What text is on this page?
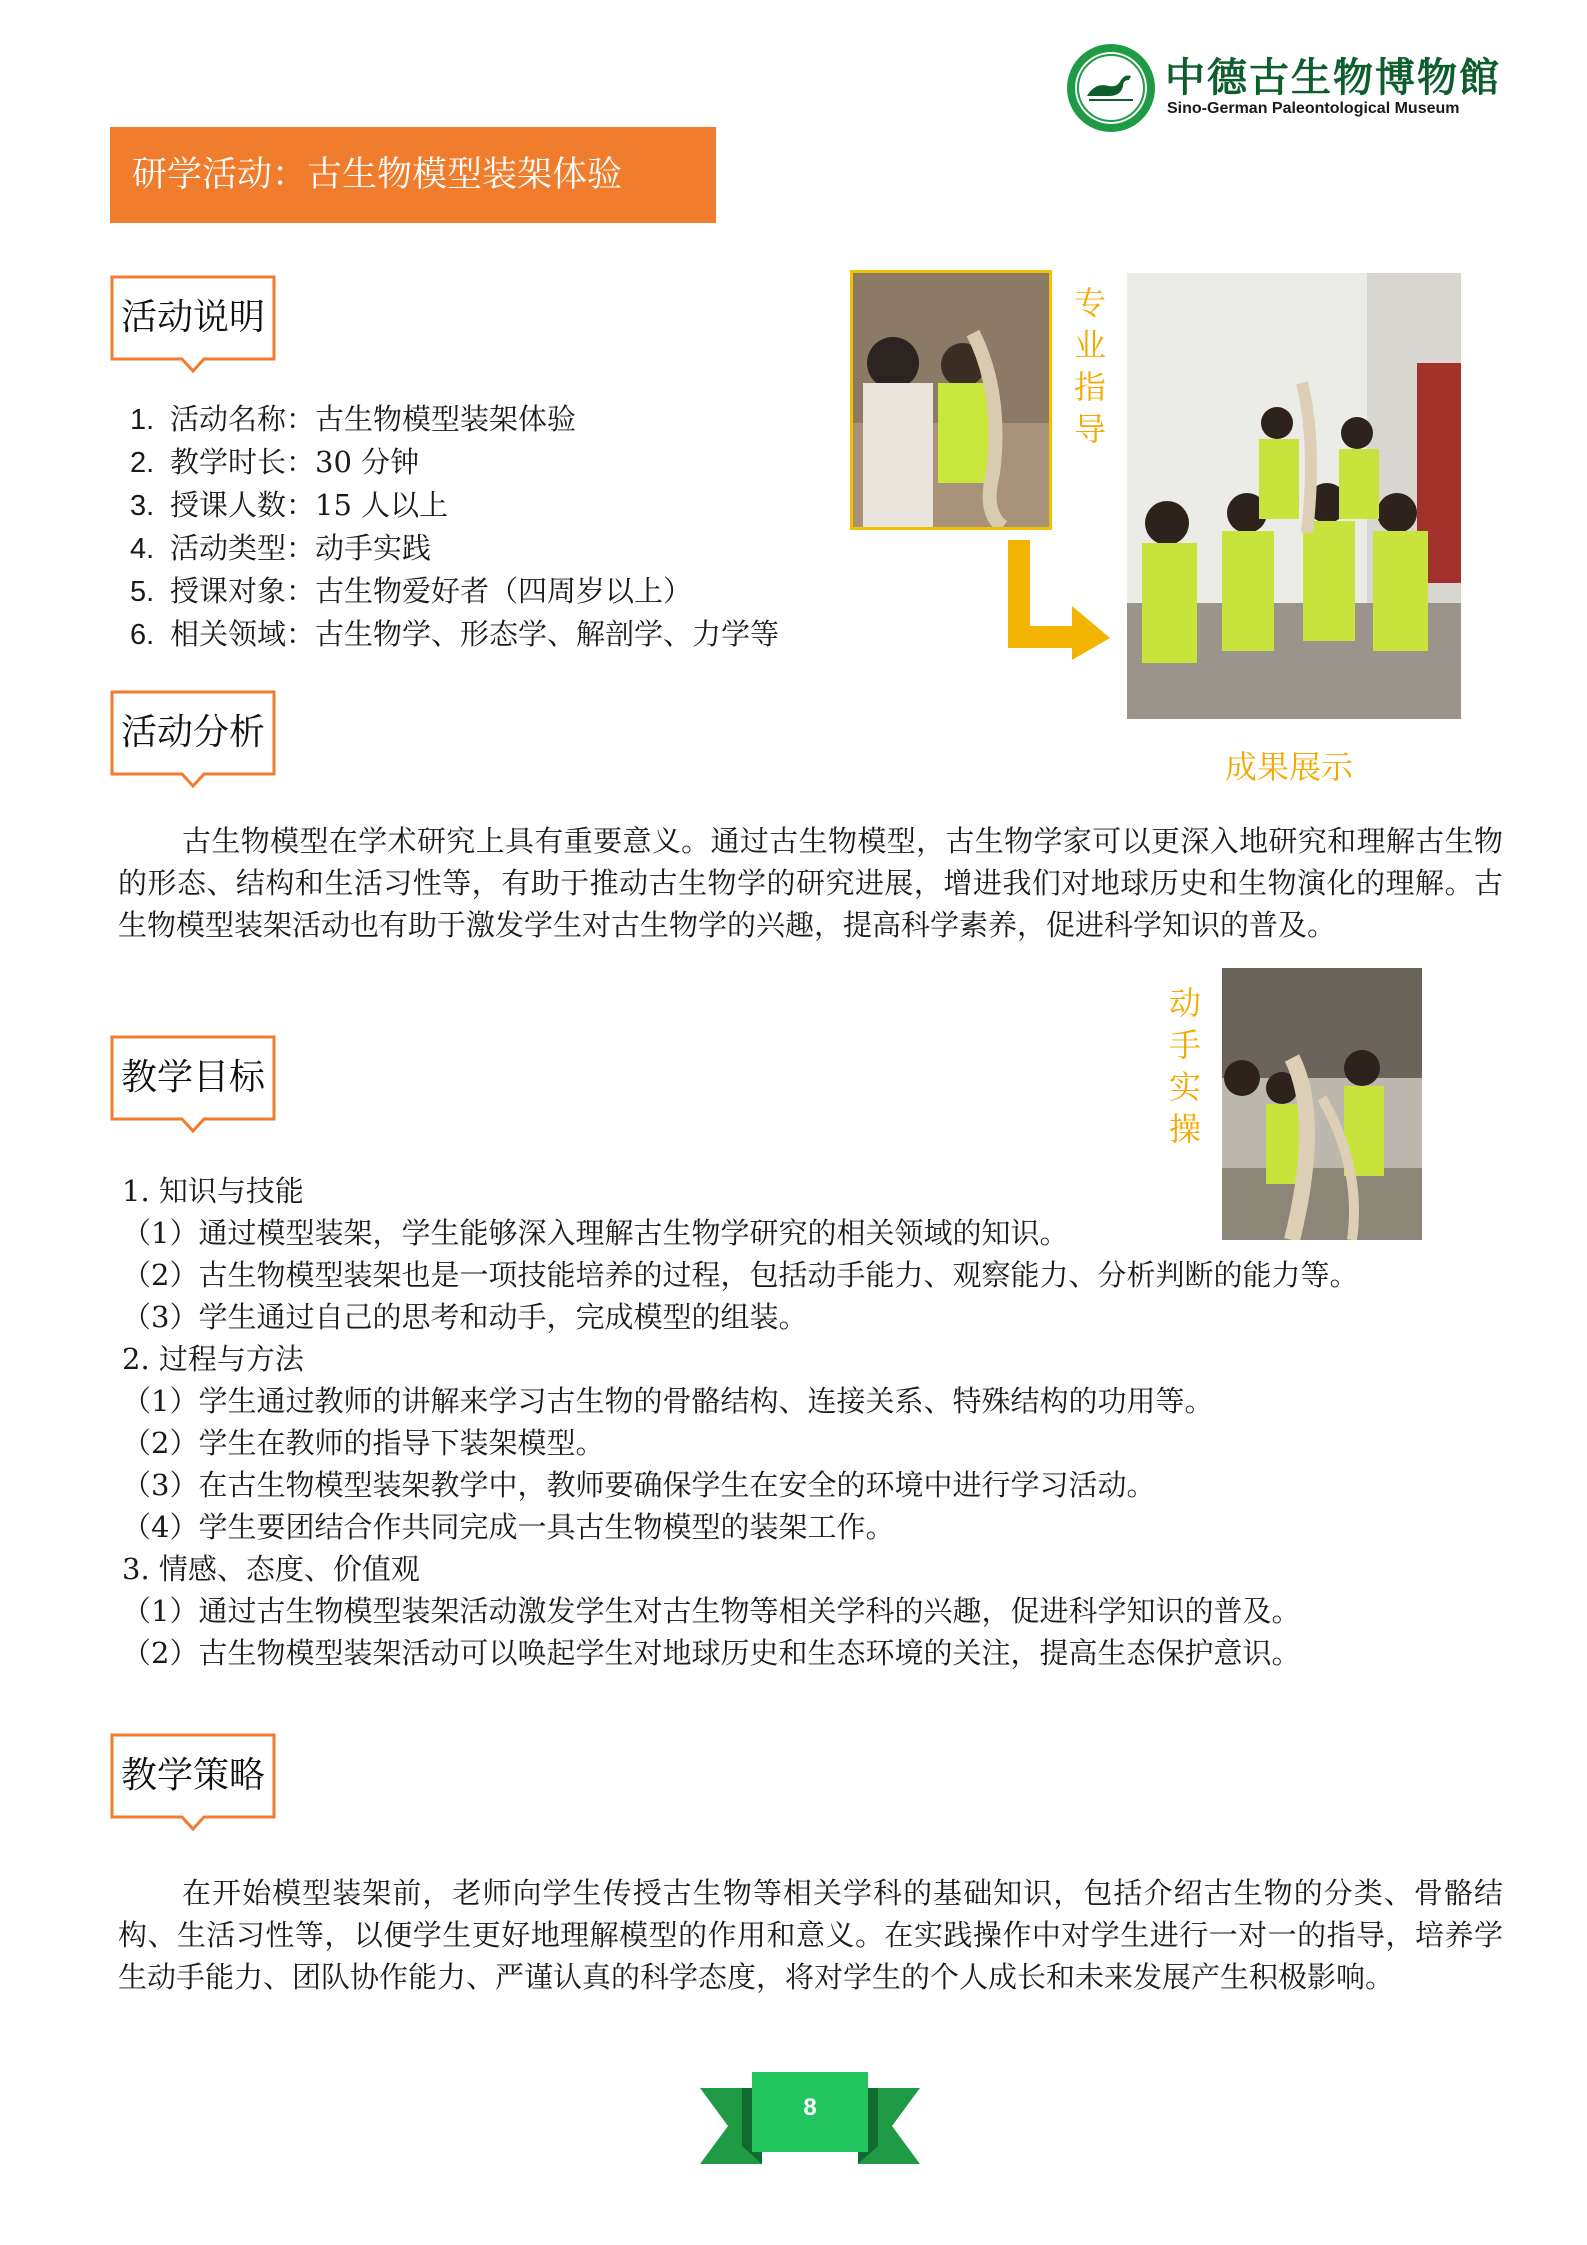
中德古生物博物館
Sino-German Paleontological Museum
研学活动：古生物模型装架体验
活动说明
1. 活动名称：古生物模型装架体验
2. 教学时长：30 分钟
3. 授课人数：15 人以上
4. 活动类型：动手实践
5. 授课对象：古生物爱好者（四周岁以上）
6. 相关领域：古生物学、形态学、解剖学、力学等
专业指导
成果展示
活动分析
古生物模型在学术研究上具有重要意义。通过古生物模型，古生物学家可以更深入地研究和理解古生物的形态、结构和生活习性等，有助于推动古生物学的研究进展，增进我们对地球历史和生物演化的理解。古生物模型装架活动也有助于激发学生对古生物学的兴趣，提高科学素养，促进科学知识的普及。
动手实操
教学目标
1. 知识与技能
（1）通过模型装架，学生能够深入理解古生物学研究的相关领域的知识。
（2）古生物模型装架也是一项技能培养的过程，包括动手能力、观察能力、分析判断的能力等。
（3）学生通过自己的思考和动手，完成模型的组装。
2. 过程与方法
（1）学生通过教师的讲解来学习古生物的骨骼结构、连接关系、特殊结构的功用等。
（2）学生在教师的指导下装架模型。
（3）在古生物模型装架教学中，教师要确保学生在安全的环境中进行学习活动。
（4）学生要团结合作共同完成一具古生物模型的装架工作。
3. 情感、态度、价值观
（1）通过古生物模型装架活动激发学生对古生物等相关学科的兴趣，促进科学知识的普及。
（2）古生物模型装架活动可以唤起学生对地球历史和生态环境的关注，提高生态保护意识。
教学策略
在开始模型装架前，老师向学生传授古生物等相关学科的基础知识，包括介绍古生物的分类、骨骼结构、生活习性等，以便学生更好地理解模型的作用和意义。在实践操作中对学生进行一对一的指导，培养学生动手能力、团队协作能力、严谨认真的科学态度，将对学生的个人成长和未来发展产生积极影响。
8
